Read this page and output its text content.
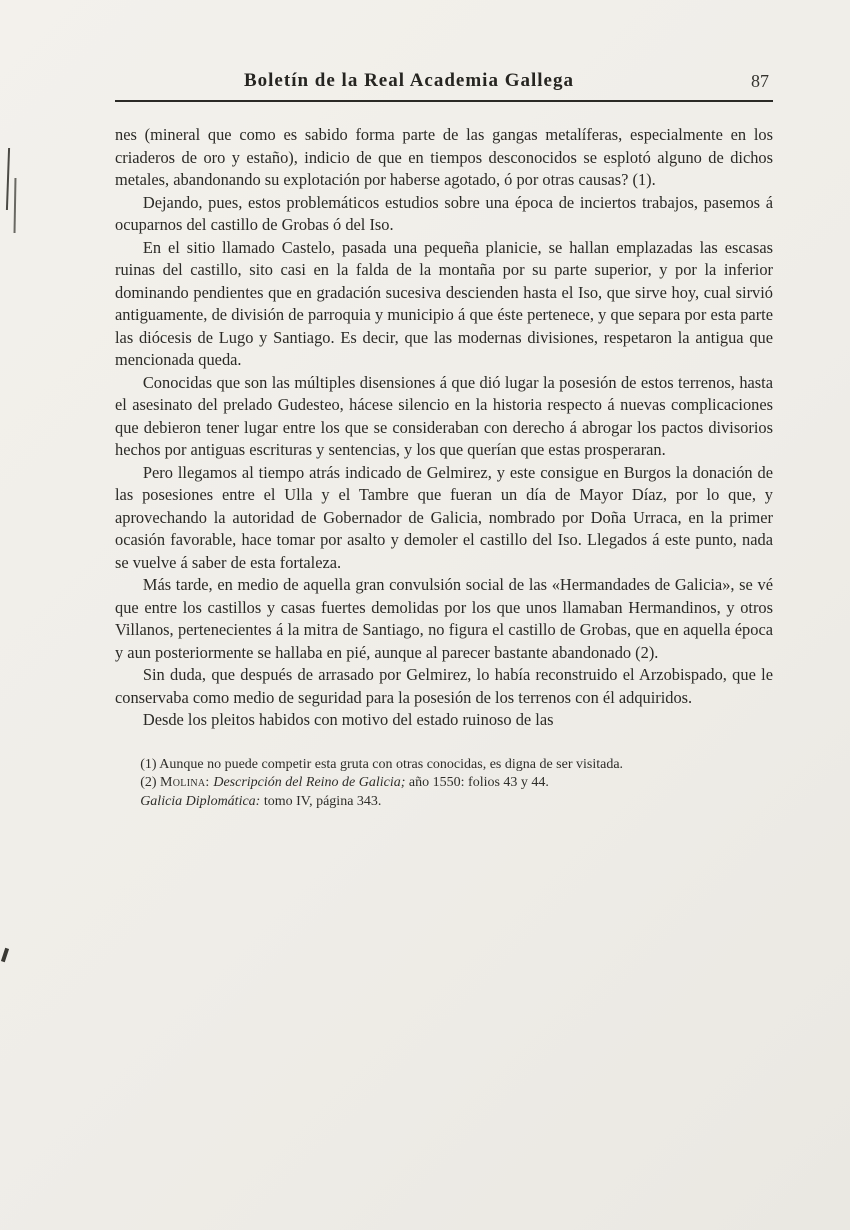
Boletín de la Real Academia Gallega	87

nes (mineral que como es sabido forma parte de las gangas metalíferas, especialmente en los criaderos de oro y estaño), indicio de que en tiempos desconocidos se esplotó alguno de dichos metales, abandonando su explotación por haberse agotado, ó por otras causas? (1).

Dejando, pues, estos problemáticos estudios sobre una época de inciertos trabajos, pasemos á ocuparnos del castillo de Grobas ó del Iso.

En el sitio llamado Castelo, pasada una pequeña planicie, se hallan emplazadas las escasas ruinas del castillo, sito casi en la falda de la montaña por su parte superior, y por la inferior dominando pendientes que en gradación sucesiva descienden hasta el Iso, que sirve hoy, cual sirvió antiguamente, de división de parroquia y municipio á que éste pertenece, y que separa por esta parte las diócesis de Lugo y Santiago. Es decir, que las modernas divisiones, respetaron la antigua que mencionada queda.

Conocidas que son las múltiples disensiones á que dió lugar la posesión de estos terrenos, hasta el asesinato del prelado Gudesteo, hácese silencio en la historia respecto á nuevas complicaciones que debieron tener lugar entre los que se consideraban con derecho á abrogar los pactos divisorios hechos por antiguas escrituras y sentencias, y los que querían que estas prosperaran.

Pero llegamos al tiempo atrás indicado de Gelmirez, y este consigue en Burgos la donación de las posesiones entre el Ulla y el Tambre que fueran un día de Mayor Díaz, por lo que, y aprovechando la autoridad de Gobernador de Galicia, nombrado por Doña Urraca, en la primer ocasión favorable, hace tomar por asalto y demoler el castillo del Iso. Llegados á este punto, nada se vuelve á saber de esta fortaleza.

Más tarde, en medio de aquella gran convulsión social de las «Hermandades de Galicia», se vé que entre los castillos y casas fuertes demolidas por los que unos llamaban Hermandinos, y otros Villanos, pertenecientes á la mitra de Santiago, no figura el castillo de Grobas, que en aquella época y aun posteriormente se hallaba en pié, aunque al parecer bastante abandonado (2).

Sin duda, que después de arrasado por Gelmirez, lo había reconstruido el Arzobispado, que le conservaba como medio de seguridad para la posesión de los terrenos con él adquiridos.

Desde los pleitos habidos con motivo del estado ruinoso de las

(1) Aunque no puede competir esta gruta con otras conocidas, es digna de ser visitada.

(2) Molina: Descripción del Reino de Galicia; año 1550: folios 43 y 44.

Galicia Diplomática: tomo IV, página 343.
